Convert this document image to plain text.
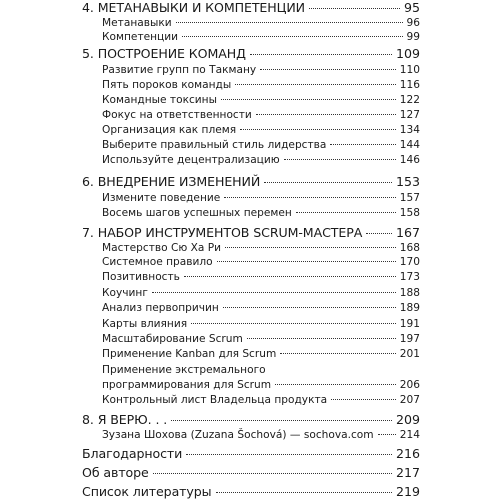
4. МЕТАНАВЫКИ И КОМПЕТЕНЦИИ	95
Метанавыки	96
Компетенции	99
5. ПОСТРОЕНИЕ КОМАНД	109
Развитие групп по Такману	110
Пять пороков команды	116
Командные токсины	122
Фокус на ответственности	127
Организация как племя	134
Выберите правильный стиль лидерства	144
Используйте децентрализацию	146
6. ВНЕДРЕНИЕ ИЗМЕНЕНИЙ	153
Измените поведение	157
Восемь шагов успешных перемен	158
7. НАБОР ИНСТРУМЕНТОВ SCRUM-МАСТЕРА	167
Мастерство Сю Ха Ри	168
Системное правило	170
Позитивность	173
Коучинг	188
Анализ первопричин	189
Карты влияния	191
Масштабирование Scrum	197
Применение Kanban для Scrum	201
Применение экстремального
программирования для Scrum	206
Контрольный лист Владельца продукта	207
8. Я ВЕРЮ. . .	209
Зузана Шохова (Zuzana Šochová) — sochova.com 214
Благодарности	216
Об авторе	217
Список литературы	219
